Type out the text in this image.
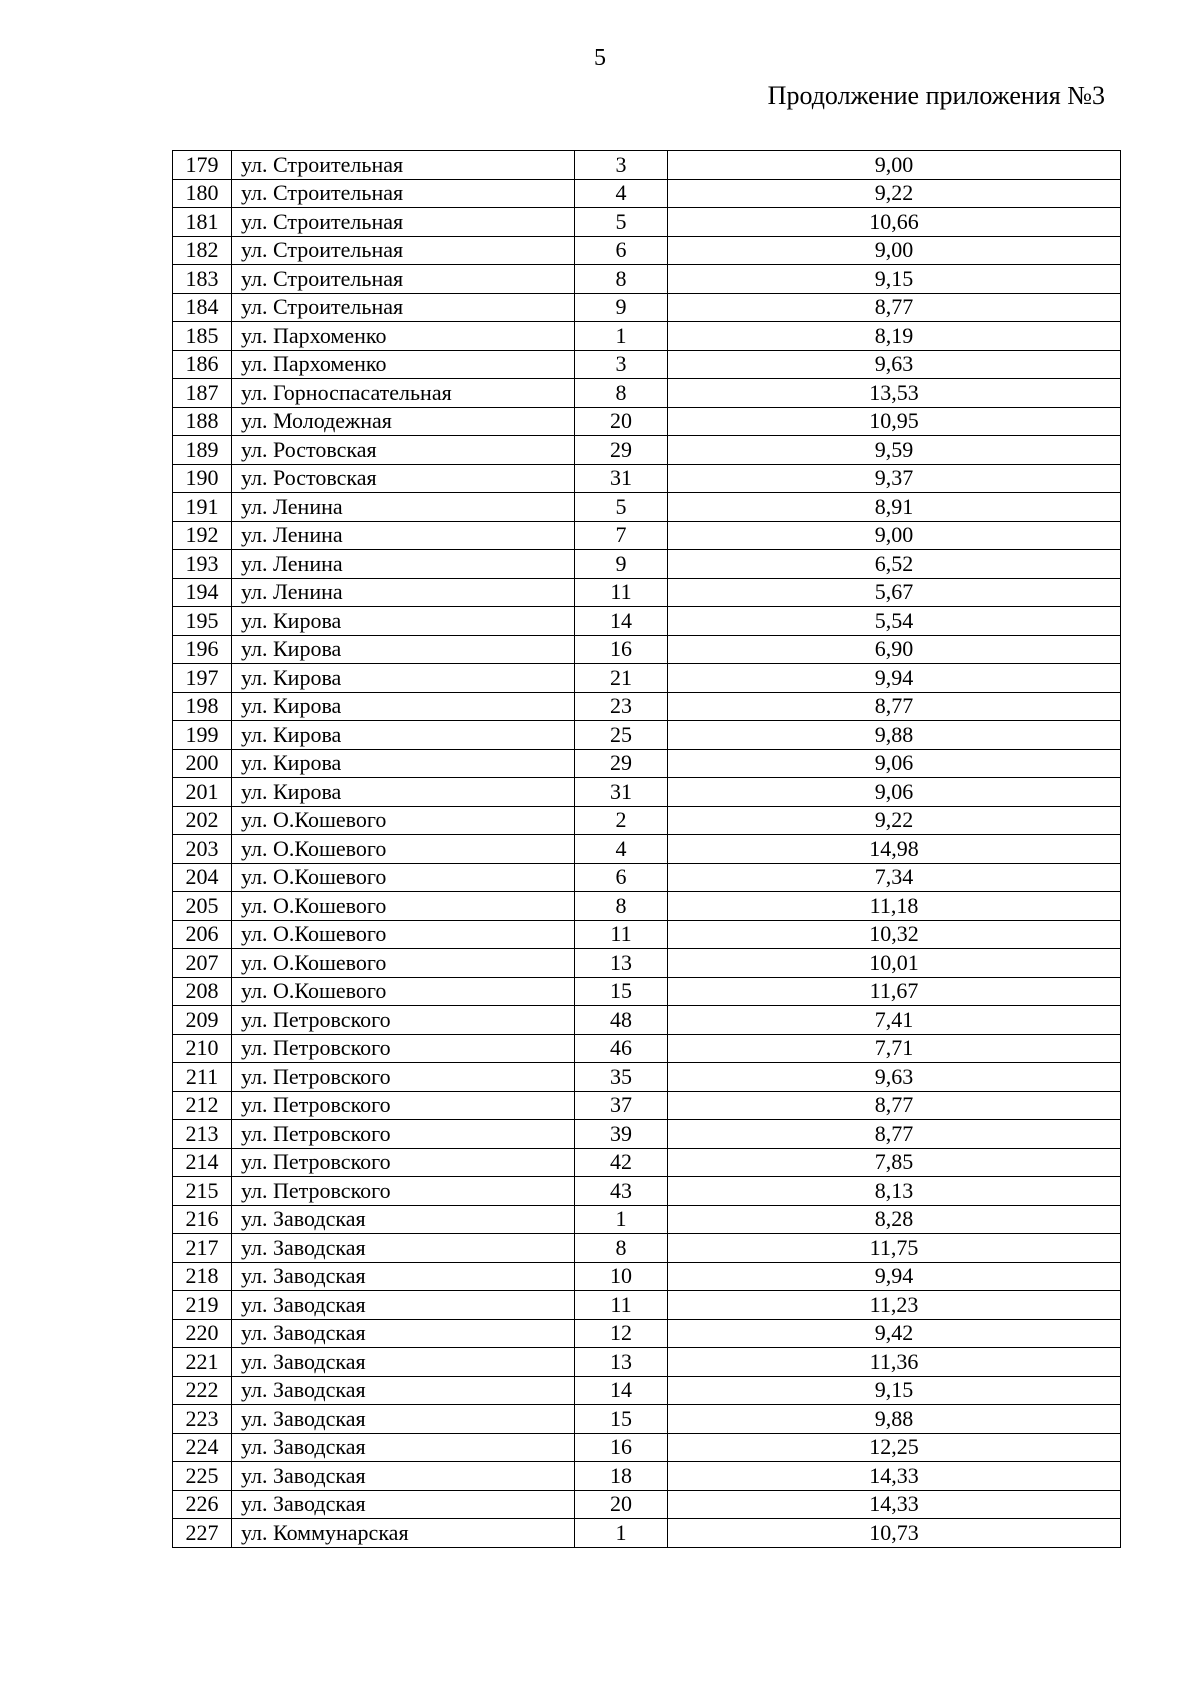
5
Продолжение приложения №3
179	ул. Строительная	3	9,00
180	ул. Строительная	4	9,22
181	ул. Строительная	5	10,66
182	ул. Строительная	6	9,00
183	ул. Строительная	8	9,15
184	ул. Строительная	9	8,77
185	ул. Пархоменко	1	8,19
186	ул. Пархоменко	3	9,63
187	ул. Горноспасательная	8	13,53
188	ул. Молодежная	20	10,95
189	ул. Ростовская	29	9,59
190	ул. Ростовская	31	9,37
191	ул. Ленина	5	8,91
192	ул. Ленина	7	9,00
193	ул. Ленина	9	6,52
194	ул. Ленина	11	5,67
195	ул. Кирова	14	5,54
196	ул. Кирова	16	6,90
197	ул. Кирова	21	9,94
198	ул. Кирова	23	8,77
199	ул. Кирова	25	9,88
200	ул. Кирова	29	9,06
201	ул. Кирова	31	9,06
202	ул. О.Кошевого	2	9,22
203	ул. О.Кошевого	4	14,98
204	ул. О.Кошевого	6	7,34
205	ул. О.Кошевого	8	11,18
206	ул. О.Кошевого	11	10,32
207	ул. О.Кошевого	13	10,01
208	ул. О.Кошевого	15	11,67
209	ул. Петровского	48	7,41
210	ул. Петровского	46	7,71
211	ул. Петровского	35	9,63
212	ул. Петровского	37	8,77
213	ул. Петровского	39	8,77
214	ул. Петровского	42	7,85
215	ул. Петровского	43	8,13
216	ул. Заводская	1	8,28
217	ул. Заводская	8	11,75
218	ул. Заводская	10	9,94
219	ул. Заводская	11	11,23
220	ул. Заводская	12	9,42
221	ул. Заводская	13	11,36
222	ул. Заводская	14	9,15
223	ул. Заводская	15	9,88
224	ул. Заводская	16	12,25
225	ул. Заводская	18	14,33
226	ул. Заводская	20	14,33
227	ул. Коммунарская	1	10,73
